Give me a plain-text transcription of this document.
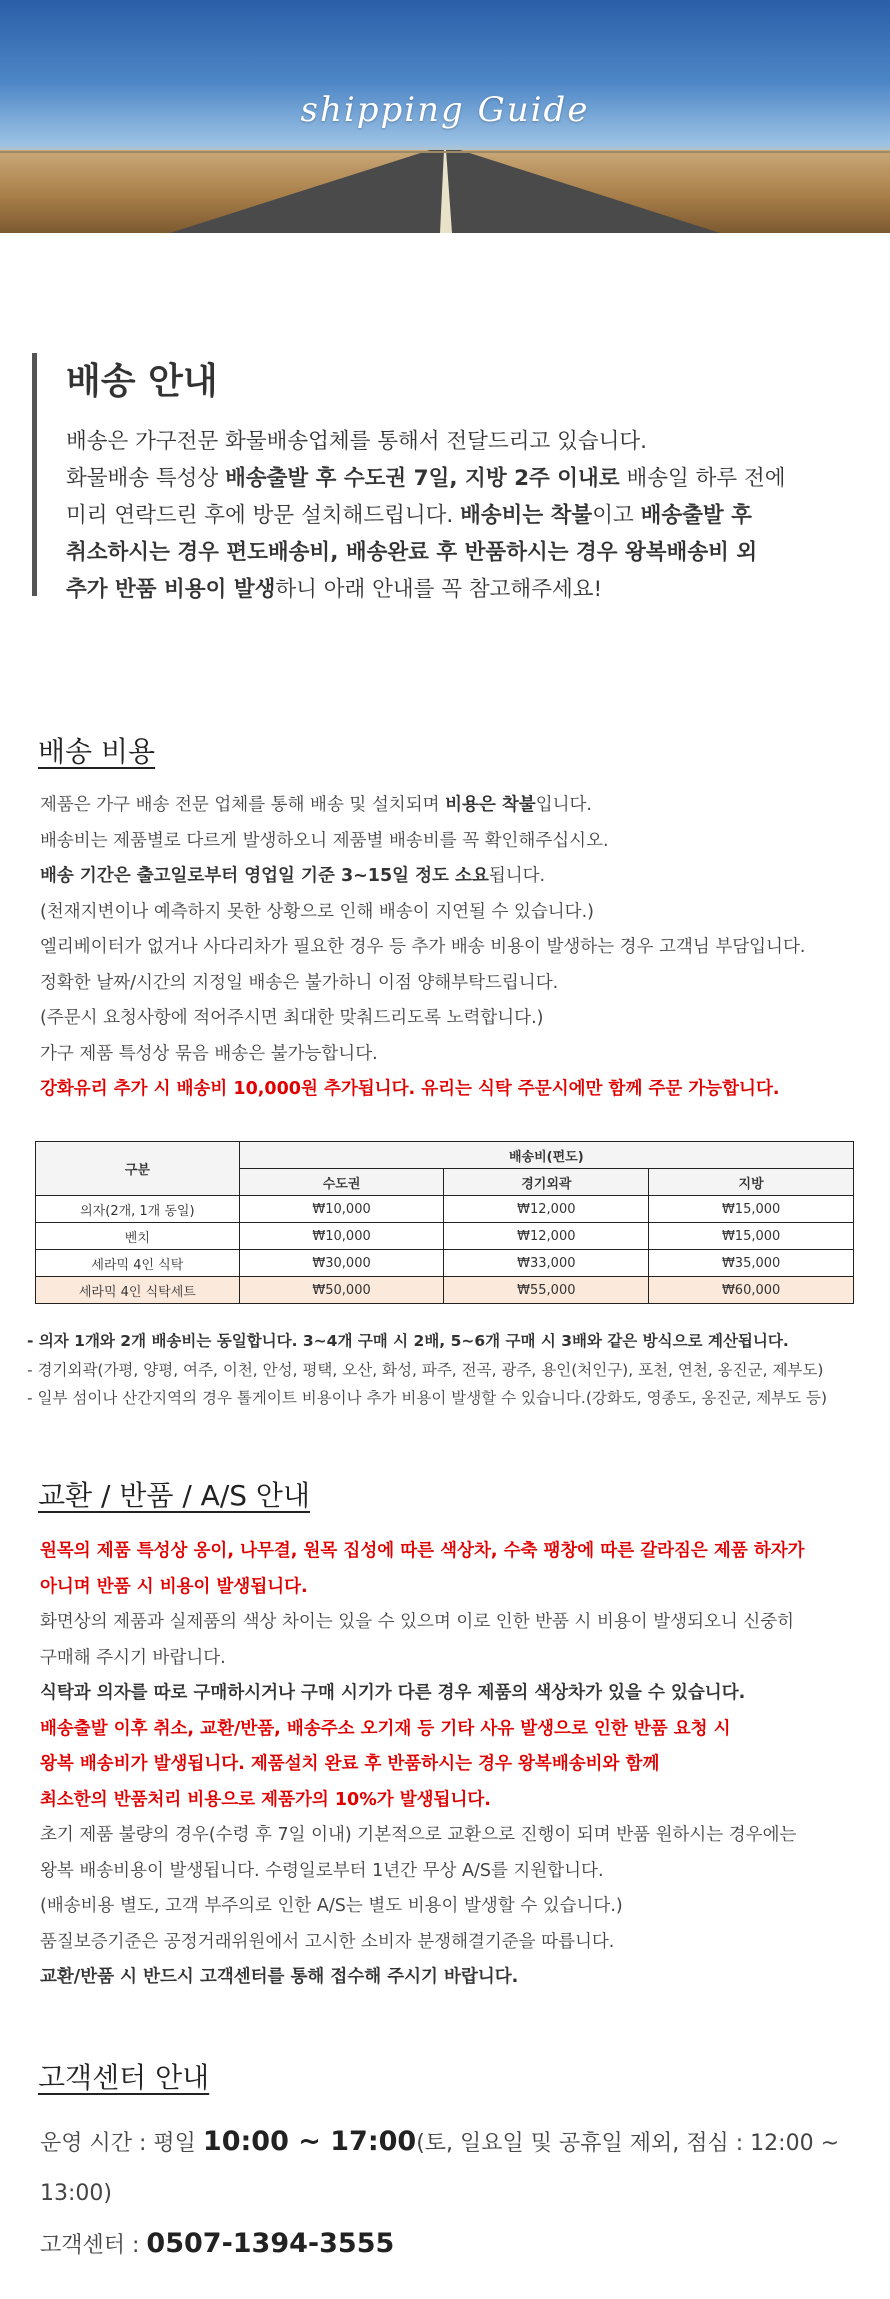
shipping Guide
배송 안내
배송은 가구전문 화물배송업체를 통해서 전달드리고 있습니다.
화물배송 특성상 배송출발 후 수도권 7일, 지방 2주 이내로 배송일 하루 전에
미리 연락드린 후에 방문 설치해드립니다. 배송비는 착불이고 배송출발 후
취소하시는 경우 편도배송비, 배송완료 후 반품하시는 경우 왕복배송비 외
추가 반품 비용이 발생하니 아래 안내를 꼭 참고해주세요!
배송 비용
제품은 가구 배송 전문 업체를 통해 배송 및 설치되며 비용은 착불입니다.
배송비는 제품별로 다르게 발생하오니 제품별 배송비를 꼭 확인해주십시오.
배송 기간은 출고일로부터 영업일 기준 3~15일 정도 소요됩니다.
(천재지변이나 예측하지 못한 상황으로 인해 배송이 지연될 수 있습니다.)
엘리베이터가 없거나 사다리차가 필요한 경우 등 추가 배송 비용이 발생하는 경우 고객님 부담입니다.
정확한 날짜/시간의 지정일 배송은 불가하니 이점 양해부탁드립니다.
(주문시 요청사항에 적어주시면 최대한 맞춰드리도록 노력합니다.)
가구 제품 특성상 묶음 배송은 불가능합니다.
강화유리 추가 시 배송비 10,000원 추가됩니다. 유리는 식탁 주문시에만 함께 주문 가능합니다.
구분	배송비(편도)		
	수도권	경기외곽	지방
의자(2개, 1개 동일)	₩10,000	₩12,000	₩15,000
벤치	₩10,000	₩12,000	₩15,000
세라믹 4인 식탁	₩30,000	₩33,000	₩35,000
세라믹 4인 식탁세트	₩50,000	₩55,000	₩60,000
- 의자 1개와 2개 배송비는 동일합니다. 3~4개 구매 시 2배, 5~6개 구매 시 3배와 같은 방식으로 계산됩니다.
- 경기외곽(가평, 양평, 여주, 이천, 안성, 평택, 오산, 화성, 파주, 전곡, 광주, 용인(처인구), 포천, 연천, 옹진군, 제부도)
- 일부 섬이나 산간지역의 경우 톨게이트 비용이나 추가 비용이 발생할 수 있습니다.(강화도, 영종도, 옹진군, 제부도 등)
교환 / 반품 / A/S 안내
원목의 제품 특성상 옹이, 나무결, 원목 집성에 따른 색상차, 수축 팽창에 따른 갈라짐은 제품 하자가
아니며 반품 시 비용이 발생됩니다.
화면상의 제품과 실제품의 색상 차이는 있을 수 있으며 이로 인한 반품 시 비용이 발생되오니 신중히
구매해 주시기 바랍니다.
식탁과 의자를 따로 구매하시거나 구매 시기가 다른 경우 제품의 색상차가 있을 수 있습니다.
배송출발 이후 취소, 교환/반품, 배송주소 오기재 등 기타 사유 발생으로 인한 반품 요청 시
왕복 배송비가 발생됩니다. 제품설치 완료 후 반품하시는 경우 왕복배송비와 함께
최소한의 반품처리 비용으로 제품가의 10%가 발생됩니다.
초기 제품 불량의 경우(수령 후 7일 이내) 기본적으로 교환으로 진행이 되며 반품 원하시는 경우에는
왕복 배송비용이 발생됩니다. 수령일로부터 1년간 무상 A/S를 지원합니다.
(배송비용 별도, 고객 부주의로 인한 A/S는 별도 비용이 발생할 수 있습니다.)
품질보증기준은 공정거래위원에서 고시한 소비자 분쟁해결기준을 따릅니다.
교환/반품 시 반드시 고객센터를 통해 접수해 주시기 바랍니다.
고객센터 안내
운영 시간 : 평일 10:00 ~ 17:00(토, 일요일 및 공휴일 제외, 점심 : 12:00 ~ 13:00)
고객센터 : 0507-1394-3555
